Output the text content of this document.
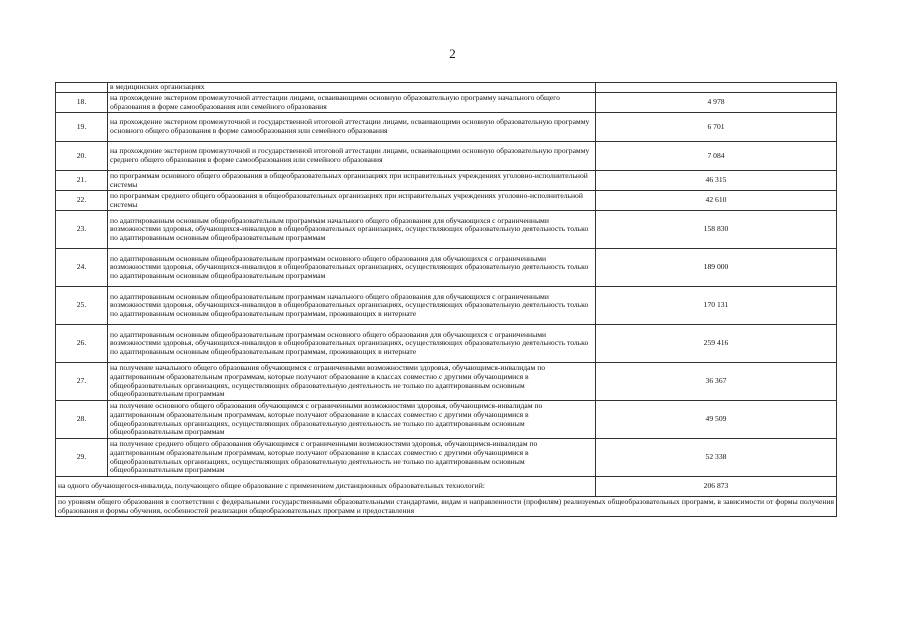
2
	в медицинских организациях	
18.	на прохождение экстерном промежуточной аттестации лицами, осваивающими основную образовательную программу начального общего образования в форме самообразования или семейного образования	4 978
19.	на прохождение экстерном промежуточной и государственной итоговой аттестации лицами, осваивающими основную образовательную программу основного общего образования в форме самообразования или семейного образования	6 701
20.	на прохождение экстерном промежуточной и государственной итоговой аттестации лицами, осваивающими основную образовательную программу среднего общего образования в форме самообразования или семейного образования	7 084
21.	по программам основного общего образования в общеобразовательных организациях при исправительных учреждениях уголовно-исполнительной системы	46 315
22.	по программам среднего общего образования в общеобразовательных организациях при исправительных учреждениях уголовно-исполнительной системы	42 610
23.	по адаптированным основным общеобразовательным программам начального общего образования для обучающихся с ограниченными возможностями здоровья, обучающихся-инвалидов в общеобразовательных организациях, осуществляющих образовательную деятельность только по адаптированным основным общеобразовательным программам	158 830
24.	по адаптированным основным общеобразовательным программам основного общего образования для обучающихся с ограниченными возможностями здоровья, обучающихся-инвалидов в общеобразовательных организациях, осуществляющих образовательную деятельность только по адаптированным основным общеобразовательным программам	189 000
25.	по адаптированным основным общеобразовательным программам начального общего образования для обучающихся с ограниченными возможностями здоровья, обучающихся-инвалидов в общеобразовательных организациях, осуществляющих образовательную деятельность только по адаптированным основным общеобразовательным программам, проживающих в интернате	170 131
26.	по адаптированным основным общеобразовательным программам основного общего образования для обучающихся с ограниченными возможностями здоровья, обучающихся-инвалидов в общеобразовательных организациях, осуществляющих образовательную деятельность только по адаптированным основным общеобразовательным программам, проживающих в интернате	259 416
27.	на получение начального общего образования обучающимся с ограниченными возможностями здоровья, обучающимся-инвалидам по адаптированным образовательным программам, которые получают образование в классах совместно с другими обучающимися в общеобразовательных организациях, осуществляющих образовательную деятельность не только по адаптированным основным общеобразовательным программам	36 367
28.	на получение основного общего образования обучающимся с ограниченными возможностями здоровья, обучающимся-инвалидам по адаптированным образовательным программам, которые получают образование в классах совместно с другими обучающимися в общеобразовательных организациях, осуществляющих образовательную деятельность не только по адаптированным основным общеобразовательным программам	49 509
29.	на получение среднего общего образования обучающимся с ограниченными возможностями здоровья, обучающимся-инвалидам по адаптированным образовательным программам, которые получают образование в классах совместно с другими обучающимися в общеобразовательных организациях, осуществляющих образовательную деятельность не только по адаптированным основным общеобразовательным программам	52 338
на одного обучающегося-инвалида, получающего общее образование с применением дистанционных образовательных технологий:		206 873
по уровням общего образования в соответствии с федеральными государственными образовательными стандартами, видам и направленности (профилям) реализуемых общеобразовательных программ, в зависимости от формы получения образования и формы обучения, особенностей реализации общеобразовательных программ и предоставления		
